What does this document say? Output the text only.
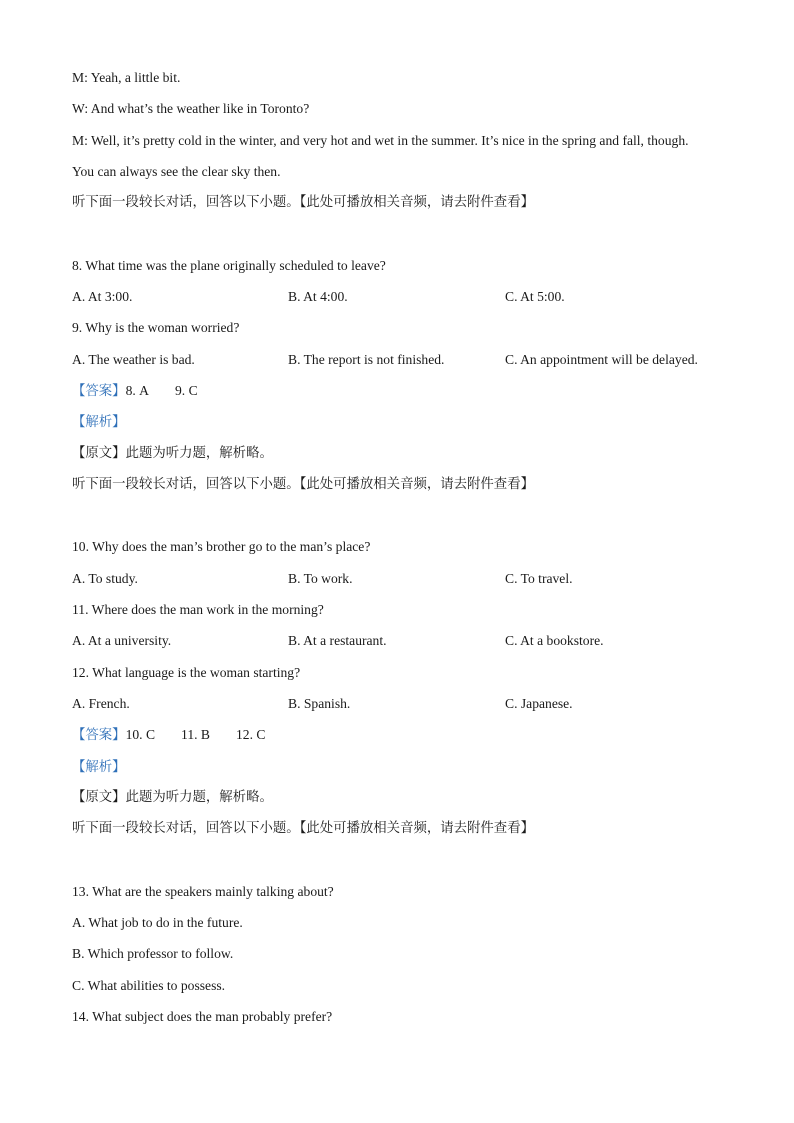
M: Yeah, a little bit.
W: And what’s the weather like in Toronto?
M: Well, it’s pretty cold in the winter, and very hot and wet in the summer. It’s nice in the spring and fall, though.
You can always see the clear sky then.
听下面一段较长对话，回答以下小题。【此处可播放相关音频，请去附件查看】
8. What time was the plane originally scheduled to leave?
A. At 3:00.	B. At 4:00.	C. At 5:00.
9. Why is the woman worried?
A. The weather is bad.	B. The report is not finished.	C. An appointment will be delayed.
【答案】8. A 9. C
【解析】
【原文】此题为听力题，解析略。
听下面一段较长对话，回答以下小题。【此处可播放相关音频，请去附件查看】
10. Why does the man’s brother go to the man’s place?
A. To study.	B. To work.	C. To travel.
11. Where does the man work in the morning?
A. At a university.	B. At a restaurant.	C. At a bookstore.
12. What language is the woman starting?
A. French.	B. Spanish.	C. Japanese.
【答案】10. C 11. B 12. C
【解析】
【原文】此题为听力题，解析略。
听下面一段较长对话，回答以下小题。【此处可播放相关音频，请去附件查看】
13. What are the speakers mainly talking about?
A. What job to do in the future.
B. Which professor to follow.
C. What abilities to possess.
14. What subject does the man probably prefer?
